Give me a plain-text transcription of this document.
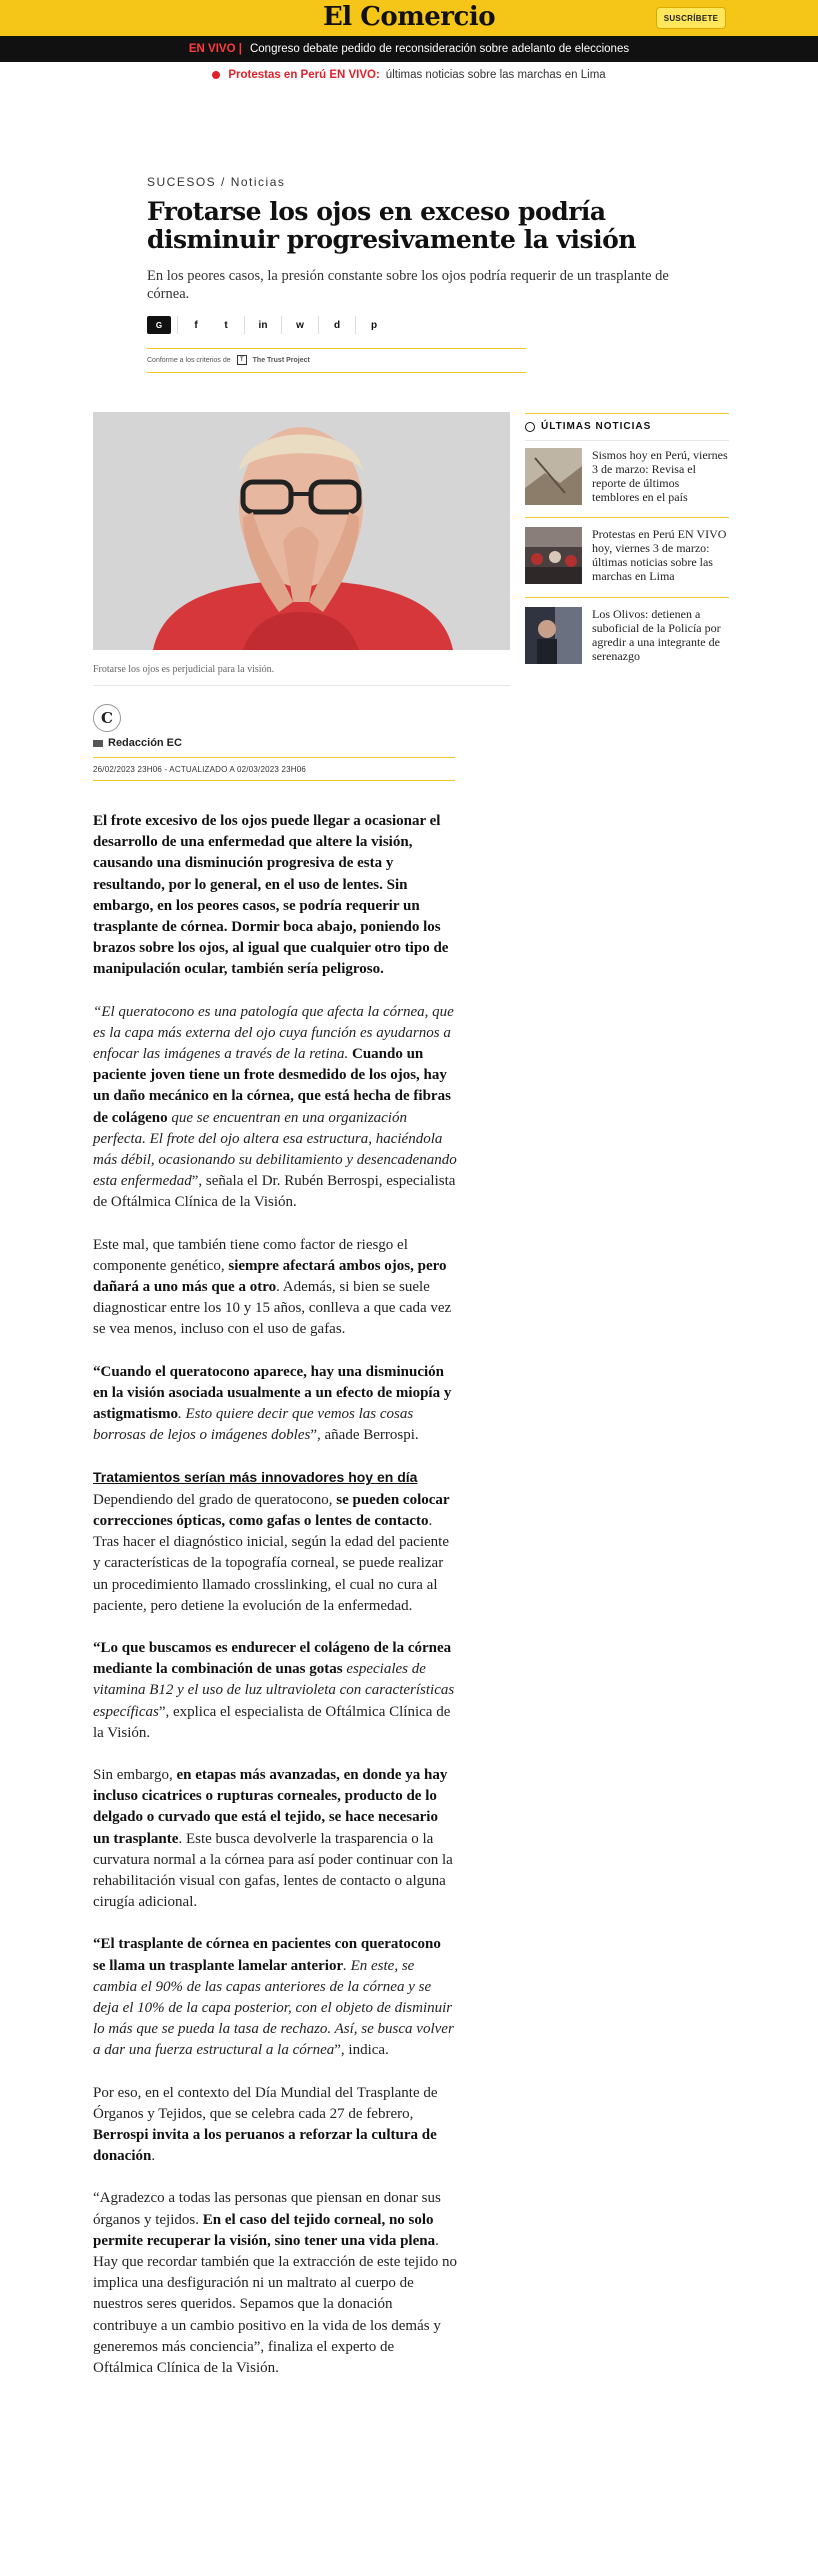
El Comercio	SUSCRÍBETE
EN VIVO | Congreso debate pedido de reconsideración sobre adelanto de elecciones
Protestas en Perú EN VIVO: últimas noticias sobre las marchas en Lima
SUCESOS / Noticias
Frotarse los ojos en exceso podría disminuir progresivamente la visión

En los peores casos, la presión constante sobre los ojos podría requerir de un trasplante de córnea.

G	f	t	in	w	d	p
Conforme a los criterios de	T	The Trust Project
Frotarse los ojos es perjudicial para la visión.
C
Redacción EC
26/02/2023 23H06 - ACTUALIZADO A 02/03/2023 23H06

El frote excesivo de los ojos puede llegar a ocasionar el desarrollo de una enfermedad que altere la visión, causando una disminución progresiva de esta y resultando, por lo general, en el uso de lentes. Sin embargo, en los peores casos, se podría requerir un trasplante de córnea. Dormir boca abajo, poniendo los brazos sobre los ojos, al igual que cualquier otro tipo de manipulación ocular, también sería peligroso.

“El queratocono es una patología que afecta la córnea, que es la capa más externa del ojo cuya función es ayudarnos a enfocar las imágenes a través de la retina. Cuando un paciente joven tiene un frote desmedido de los ojos, hay un daño mecánico en la córnea, que está hecha de fibras de colágeno que se encuentran en una organización perfecta. El frote del ojo altera esa estructura, haciéndola más débil, ocasionando su debilitamiento y desencadenando esta enfermedad”, señala el Dr. Rubén Berrospi, especialista de Oftálmica Clínica de la Visión.

Este mal, que también tiene como factor de riesgo el componente genético, siempre afectará ambos ojos, pero dañará a uno más que a otro. Además, si bien se suele diagnosticar entre los 10 y 15 años, conlleva a que cada vez se vea menos, incluso con el uso de gafas.

“Cuando el queratocono aparece, hay una disminución en la visión asociada usualmente a un efecto de miopía y astigmatismo. Esto quiere decir que vemos las cosas borrosas de lejos o imágenes dobles”, añade Berrospi.

Tratamientos serían más innovadores hoy en día
Dependiendo del grado de queratocono, se pueden colocar correcciones ópticas, como gafas o lentes de contacto. Tras hacer el diagnóstico inicial, según la edad del paciente y características de la topografía corneal, se puede realizar un procedimiento llamado crosslinking, el cual no cura al paciente, pero detiene la evolución de la enfermedad.

“Lo que buscamos es endurecer el colágeno de la córnea mediante la combinación de unas gotas especiales de vitamina B12 y el uso de luz ultravioleta con características específicas”, explica el especialista de Oftálmica Clínica de la Visión.

Sin embargo, en etapas más avanzadas, en donde ya hay incluso cicatrices o rupturas corneales, producto de lo delgado o curvado que está el tejido, se hace necesario un trasplante. Este busca devolverle la trasparencia o la curvatura normal a la córnea para así poder continuar con la rehabilitación visual con gafas, lentes de contacto o alguna cirugía adicional.

“El trasplante de córnea en pacientes con queratocono se llama un trasplante lamelar anterior. En este, se cambia el 90% de las capas anteriores de la córnea y se deja el 10% de la capa posterior, con el objeto de disminuir lo más que se pueda la tasa de rechazo. Así, se busca volver a dar una fuerza estructural a la córnea”, indica.

Por eso, en el contexto del Día Mundial del Trasplante de Órganos y Tejidos, que se celebra cada 27 de febrero, Berrospi invita a los peruanos a reforzar la cultura de donación.

“Agradezco a todas las personas que piensan en donar sus órganos y tejidos. En el caso del tejido corneal, no solo permite recuperar la visión, sino tener una vida plena. Hay que recordar también que la extracción de este tejido no implica una desfiguración ni un maltrato al cuerpo de nuestros seres queridos. Sepamos que la donación contribuye a un cambio positivo en la vida de los demás y generemos más conciencia”, finaliza el experto de Oftálmica Clínica de la Visión.

ÚLTIMAS NOTICIAS
Sismos hoy en Perú, viernes 3 de marzo: Revisa el reporte de últimos temblores en el país
Protestas en Perú EN VIVO hoy, viernes 3 de marzo: últimas noticias sobre las marchas en Lima
Los Olivos: detienen a suboficial de la Policía por agredir a una integrante de serenazgo
